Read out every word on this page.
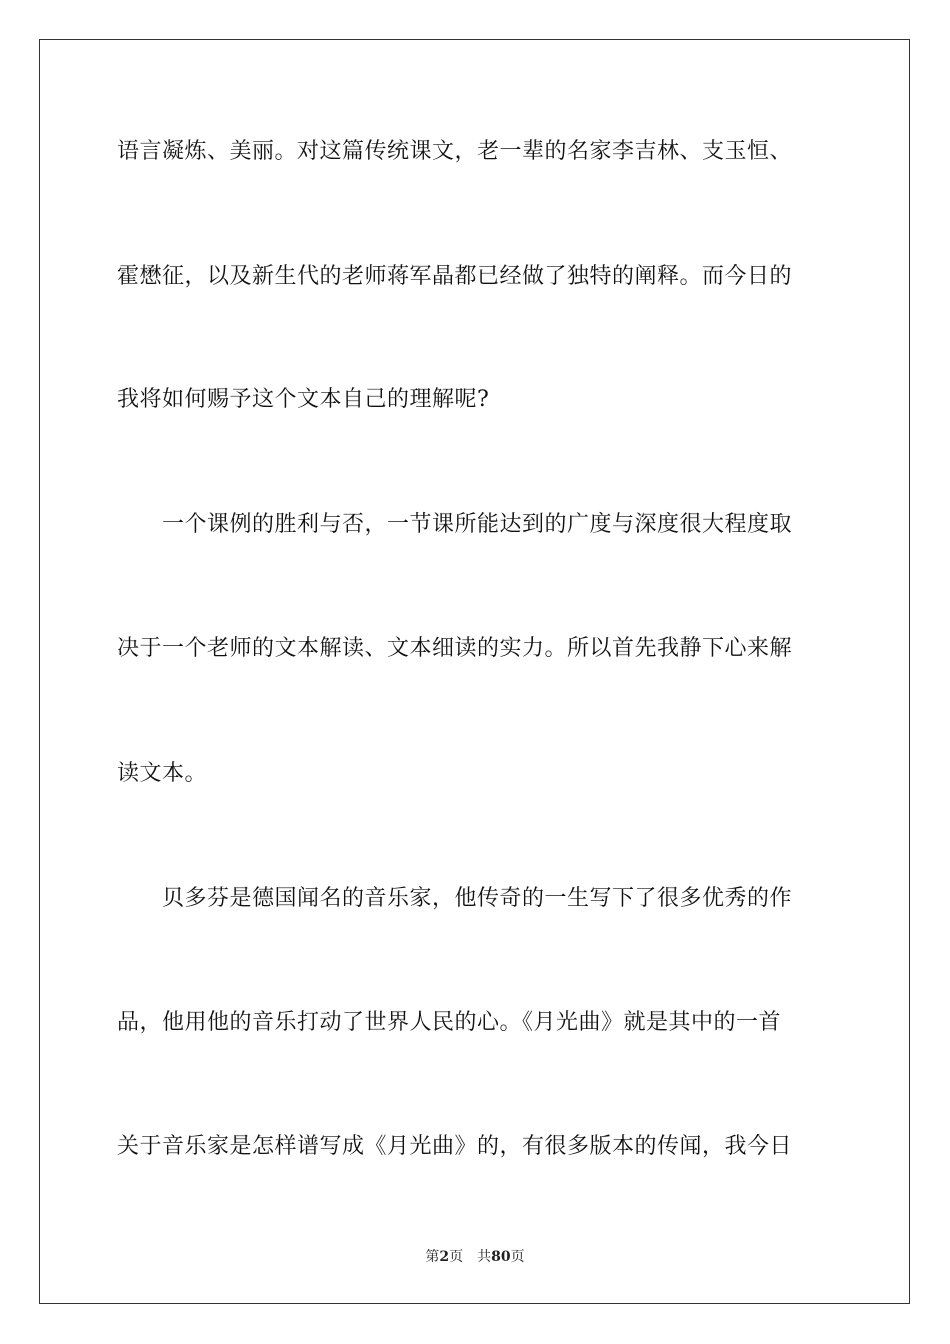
语言凝炼、美丽。对这篇传统课文，老一辈的名家李吉林、支玉恒、
霍懋征，以及新生代的老师蒋军晶都已经做了独特的阐释。而今日的
我将如何赐予这个文本自己的理解呢?
　　一个课例的胜利与否，一节课所能达到的广度与深度很大程度取
决于一个老师的文本解读、文本细读的实力。所以首先我静下心来解
读文本。
　　贝多芬是德国闻名的音乐家，他传奇的一生写下了很多优秀的作
品，他用他的音乐打动了世界人民的心。《月光曲》就是其中的一首
关于音乐家是怎样谱写成《月光曲》的，有很多版本的传闻，我今日
第2页 共80页
